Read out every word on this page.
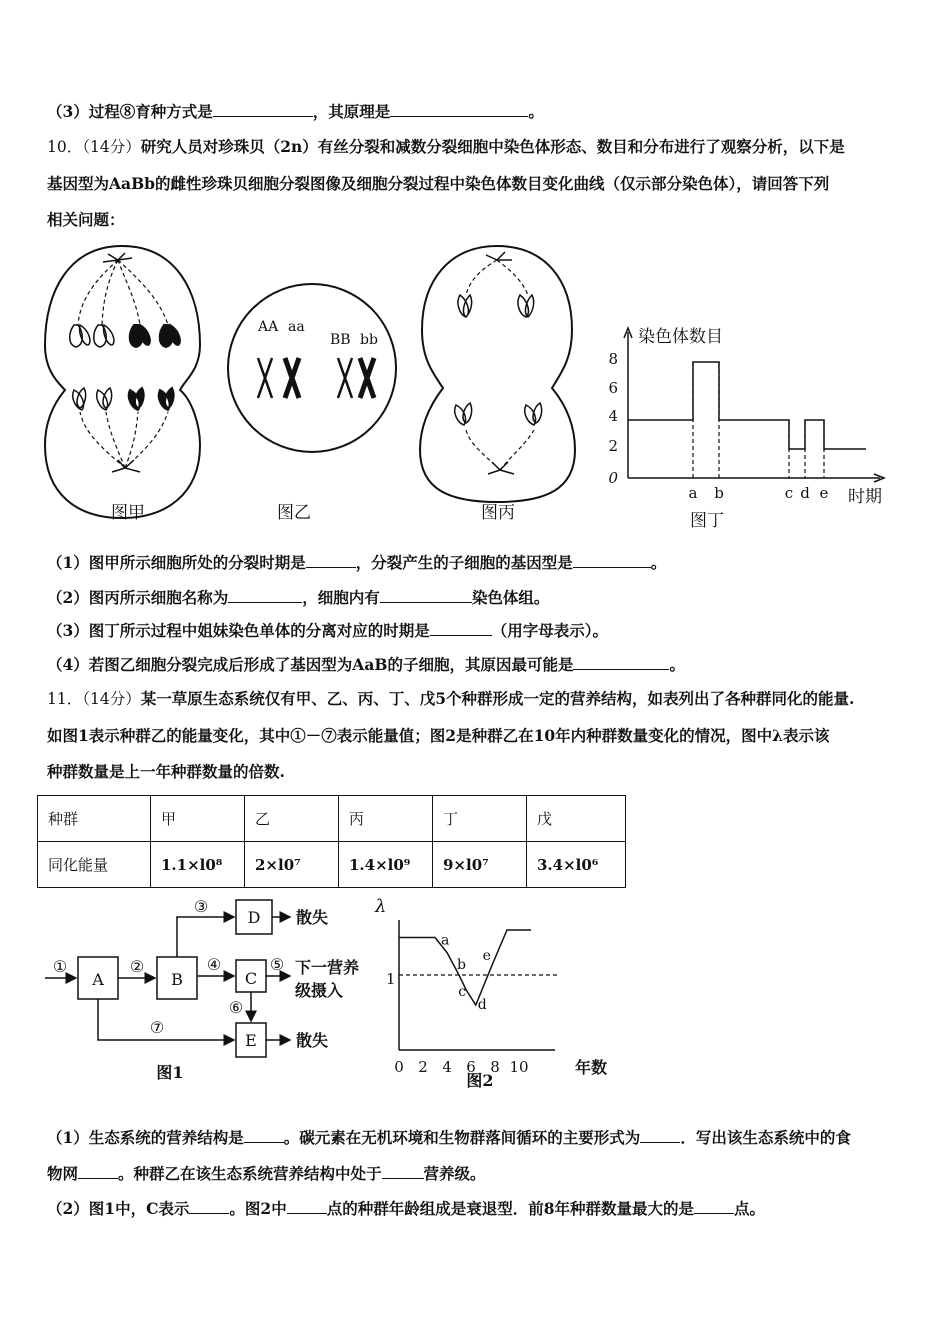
（3）过程⑧育种方式是	，其原理是	。
10．（14分）研究人员对珍珠贝（2n）有丝分裂和减数分裂细胞中染色体形态、数目和分布进行了观察分析，以下是
基因型为AaBb的雌性珍珠贝细胞分裂图像及细胞分裂过程中染色体数目变化曲线（仅示部分染色体），请回答下列
相关问题：
图甲
AA aa
BB bb
图乙	图丙
染色体数目
时期
0
2
4
6
8
a b	c d e
图丁
（1）图甲所示细胞所处的分裂时期是	，分裂产生的子细胞的基因型是	。
（2）图丙所示细胞名称为	，细胞内有	染色体组。
（3）图丁所示过程中姐妹染色单体的分离对应的时期是	（用字母表示）。
（4）若图乙细胞分裂完成后形成了基因型为AaB的子细胞，其原因最可能是	。
11．（14分）某一草原生态系统仅有甲、乙、丙、丁、戊5个种群形成一定的营养结构，如表列出了各种群同化的能量.
如图1表示种群乙的能量变化，其中①－⑦表示能量值；图2是种群乙在10年内种群数量变化的情况，图中λ表示该
种群数量是上一年种群数量的倍数.
种群	甲	乙	丙	丁	戊
同化能量	1.1×l0⁸	2×l0⁷	1.4×l0⁹	9×l0⁷	3.4×l0⁶
A	B	C
D
E
①	②
③
④	⑤
⑥
⑦
散失
下一营养
级摄入
散失
图1
λ
1
0 2 4 6 8 10	年数
a
b
c
d
e
图2
（1）生态系统的营养结构是	。碳元素在无机环境和生物群落间循环的主要形式为	．写出该生态系统中的食
物网	。种群乙在该生态系统营养结构中处于	营养级。
（2）图1中，C表示	。图2中	点的种群年龄组成是衰退型．前8年种群数量最大的是	点。
